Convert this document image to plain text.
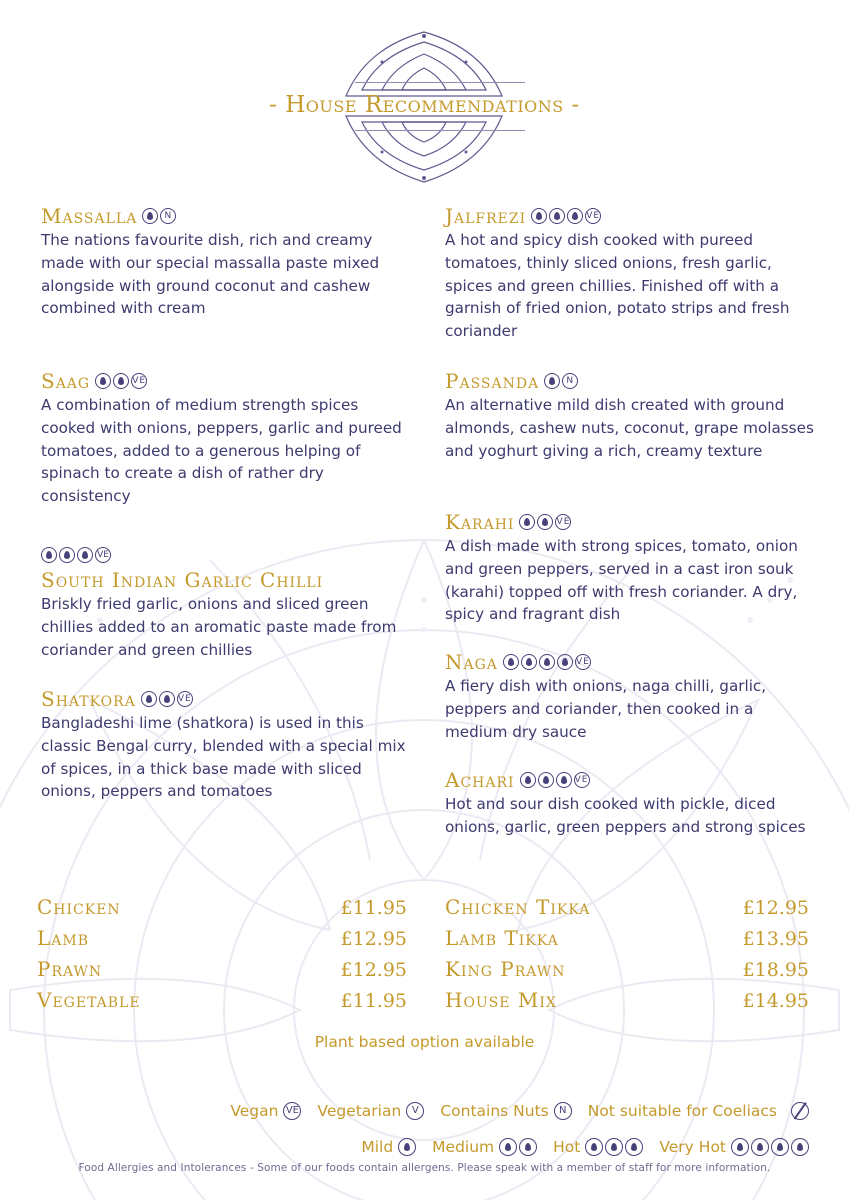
- House Recommendations -
Massalla	N
The nations favourite dish, rich and creamy made with our special massalla paste mixed alongside with ground coconut and cashew combined with cream
Saag	VE
A combination of medium strength spices cooked with onions, peppers, garlic and pureed tomatoes, added to a generous helping of spinach to create a dish of rather dry consistency
VE
South Indian Garlic Chilli
Briskly fried garlic, onions and sliced green chillies added to an aromatic paste made from coriander and green chillies
Shatkora	VE
Bangladeshi lime (shatkora) is used in this classic Bengal curry, blended with a special mix of spices, in a thick base made with sliced onions, peppers and tomatoes
Jalfrezi	VE
A hot and spicy dish cooked with pureed tomatoes, thinly sliced onions, fresh garlic, spices and green chillies. Finished off with a garnish of fried onion, potato strips and fresh coriander
Passanda	N
An alternative mild dish created with ground almonds, cashew nuts, coconut, grape molasses and yoghurt giving a rich, creamy texture
Karahi	VE
A dish made with strong spices, tomato, onion and green peppers, served in a cast iron souk (karahi) topped off with fresh coriander. A dry, spicy and fragrant dish
Naga	VE
A fiery dish with onions, naga chilli, garlic, peppers and coriander, then cooked in a medium dry sauce
Achari	VE
Hot and sour dish cooked with pickle, diced onions, garlic, green peppers and strong spices
Chicken	£11.95
Lamb	£12.95
Prawn	£12.95
Vegetable	£11.95
Chicken Tikka	£12.95
Lamb Tikka	£13.95
King Prawn	£18.95
House Mix	£14.95
Plant based option available
Vegan VE Vegetarian	V	Contains Nuts	N	Not suitable for Coeliacs
Mild	Medium	Hot	Very Hot
Food Allergies and Intolerances - Some of our foods contain allergens. Please speak with a member of staff for more information.
